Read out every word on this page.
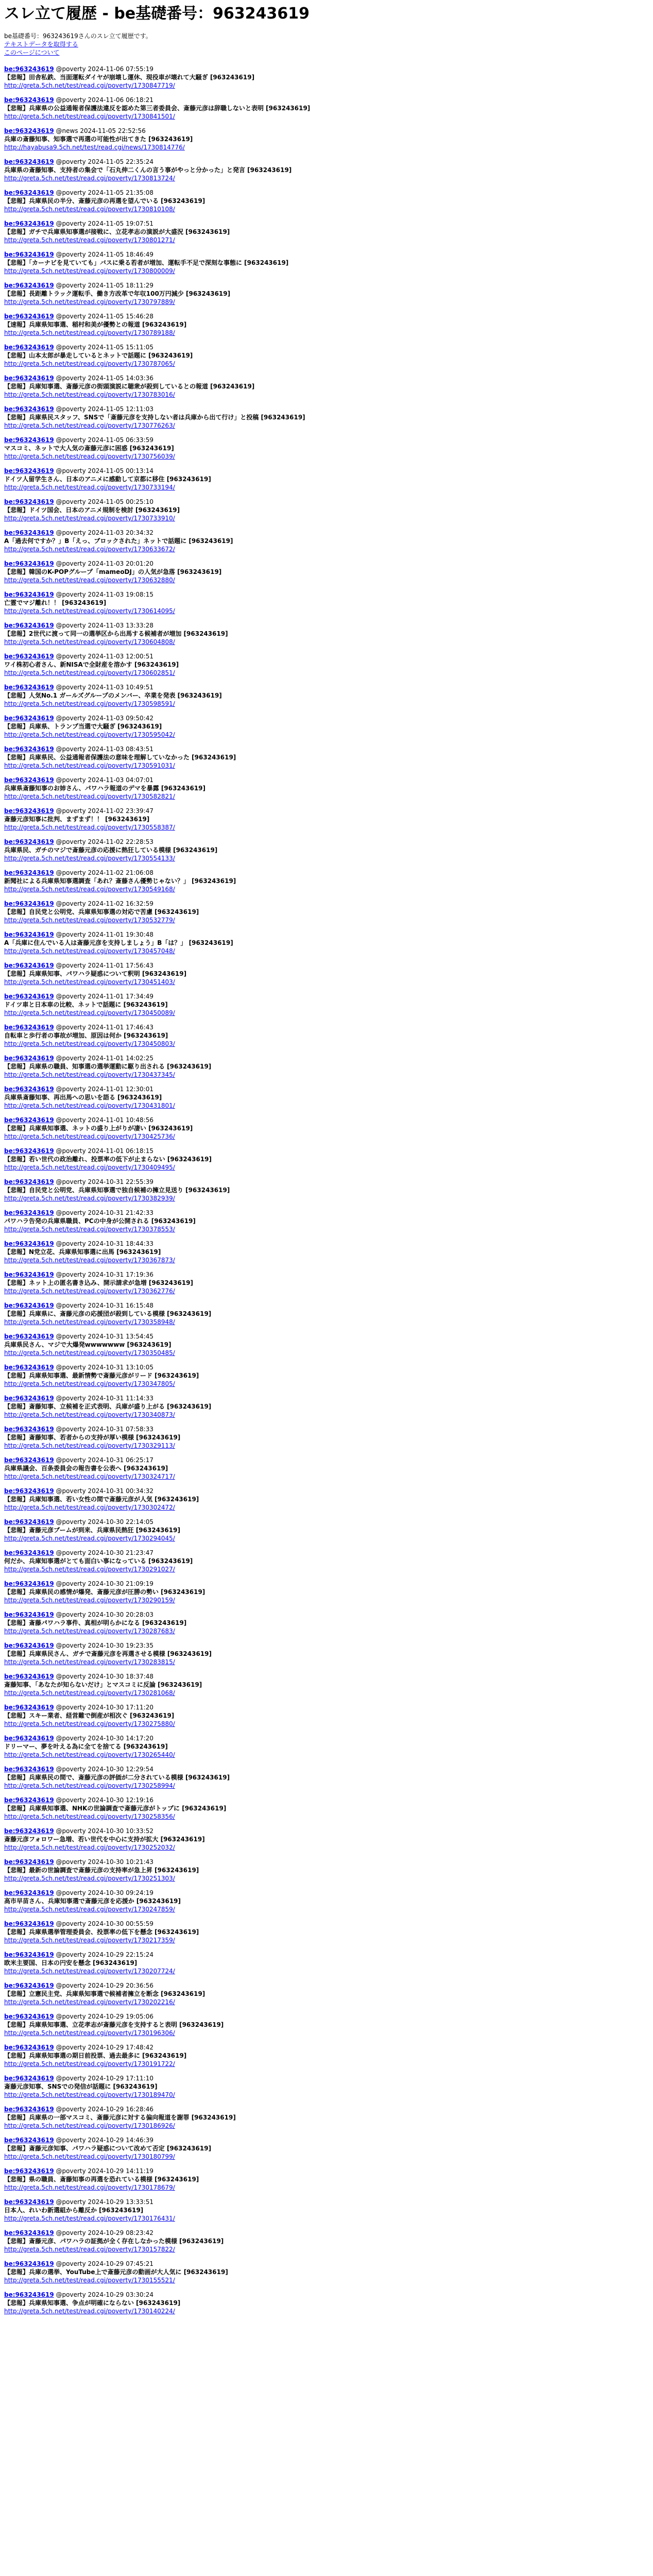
スレ立て履歴 - be基礎番号：963243619
be基礎番号：963243619さんのスレ立て履歴です。
テキストデータを取得する
このページについて
be:963243619 @poverty 2024-11-06 07:55:19
【悲報】田舎私鉄、当面運転ダイヤが崩壊し運休、現役車が壊れて大騒ぎ [963243619]
http://greta.5ch.net/test/read.cgi/poverty/1730847719/
be:963243619 @poverty 2024-11-06 06:18:21
【悲報】兵庫県の公益通報者保護法違反を認めた第三者委員会、斎藤元彦は辞職しないと表明 [963243619]
http://greta.5ch.net/test/read.cgi/poverty/1730841501/
be:963243619 @news 2024-11-05 22:52:56
兵庫の斎藤知事、知事選で再選の可能性が出てきた [963243619]
http://hayabusa9.5ch.net/test/read.cgi/news/1730814776/
be:963243619 @poverty 2024-11-05 22:35:24
兵庫県の斎藤知事、支持者の集会で「石丸伸二くんの言う事がやっと分かった」と発言 [963243619]
http://greta.5ch.net/test/read.cgi/poverty/1730813724/
be:963243619 @poverty 2024-11-05 21:35:08
【悲報】兵庫県民の半分、斎藤元彦の再選を望んでいる [963243619]
http://greta.5ch.net/test/read.cgi/poverty/1730810108/
be:963243619 @poverty 2024-11-05 19:07:51
【悲報】ガチで兵庫県知事選が接戦に、立花孝志の演説が大盛況 [963243619]
http://greta.5ch.net/test/read.cgi/poverty/1730801271/
be:963243619 @poverty 2024-11-05 18:46:49
【悲報】「カーナビを見ていても」バスに乗る若者が増加、運転手不足で深刻な事態に [963243619]
http://greta.5ch.net/test/read.cgi/poverty/1730800009/
be:963243619 @poverty 2024-11-05 18:11:29
【悲報】長距離トラック運転手、働き方改革で年収100万円減少 [963243619]
http://greta.5ch.net/test/read.cgi/poverty/1730797889/
be:963243619 @poverty 2024-11-05 15:46:28
【速報】兵庫県知事選、稲村和美が優勢との報道 [963243619]
http://greta.5ch.net/test/read.cgi/poverty/1730789188/
be:963243619 @poverty 2024-11-05 15:11:05
【悲報】山本太郎が暴走しているとネットで話題に [963243619]
http://greta.5ch.net/test/read.cgi/poverty/1730787065/
be:963243619 @poverty 2024-11-05 14:03:36
【悲報】兵庫知事選、斎藤元彦の街頭演説に聴衆が殺到しているとの報道 [963243619]
http://greta.5ch.net/test/read.cgi/poverty/1730783016/
be:963243619 @poverty 2024-11-05 12:11:03
【悲報】兵庫県民スタッフ、SNSで「斎藤元彦を支持しない者は兵庫から出て行け」と投稿 [963243619]
http://greta.5ch.net/test/read.cgi/poverty/1730776263/
be:963243619 @poverty 2024-11-05 06:33:59
マスコミ、ネットで大人気の斎藤元彦に困惑 [963243619]
http://greta.5ch.net/test/read.cgi/poverty/1730756039/
be:963243619 @poverty 2024-11-05 00:13:14
ドイツ人留学生さん、日本のアニメに感動して京都に移住 [963243619]
http://greta.5ch.net/test/read.cgi/poverty/1730733194/
be:963243619 @poverty 2024-11-05 00:25:10
【悲報】ドイツ国会、日本のアニメ規制を検討 [963243619]
http://greta.5ch.net/test/read.cgi/poverty/1730733910/
be:963243619 @poverty 2024-11-03 20:34:32
A「過去何ですか？」B「えっ、ブロックされた」ネットで話題に [963243619]
http://greta.5ch.net/test/read.cgi/poverty/1730633672/
be:963243619 @poverty 2024-11-03 20:01:20
【悲報】韓国のK-POPグループ「mameoDJ」の人気が急落 [963243619]
http://greta.5ch.net/test/read.cgi/poverty/1730632880/
be:963243619 @poverty 2024-11-03 19:08:15
亡霊でマジ離れ！！ [963243619]
http://greta.5ch.net/test/read.cgi/poverty/1730614095/
be:963243619 @poverty 2024-11-03 13:33:28
【悲報】2世代に渡って同一の選挙区から出馬する候補者が増加 [963243619]
http://greta.5ch.net/test/read.cgi/poverty/1730604808/
be:963243619 @poverty 2024-11-03 12:00:51
ワイ株初心者さん、新NISAで全財産を溶かす [963243619]
http://greta.5ch.net/test/read.cgi/poverty/1730602851/
be:963243619 @poverty 2024-11-03 10:49:51
【悲報】人気No.1 ガールズグループのメンバー、卒業を発表 [963243619]
http://greta.5ch.net/test/read.cgi/poverty/1730598591/
be:963243619 @poverty 2024-11-03 09:50:42
【悲報】兵庫県、トランプ当選で大騒ぎ [963243619]
http://greta.5ch.net/test/read.cgi/poverty/1730595042/
be:963243619 @poverty 2024-11-03 08:43:51
【悲報】兵庫県民、公益通報者保護法の意味を理解していなかった [963243619]
http://greta.5ch.net/test/read.cgi/poverty/1730591031/
be:963243619 @poverty 2024-11-03 04:07:01
兵庫県斎藤知事のお姉さん、パワハラ報道のデマを暴露 [963243619]
http://greta.5ch.net/test/read.cgi/poverty/1730582821/
be:963243619 @poverty 2024-11-02 23:39:47
斎藤元彦知事に批判、まずまず！！ [963243619]
http://greta.5ch.net/test/read.cgi/poverty/1730558387/
be:963243619 @poverty 2024-11-02 22:28:53
兵庫県民、ガチのマジで斎藤元彦の応援に熱狂している模様 [963243619]
http://greta.5ch.net/test/read.cgi/poverty/1730554133/
be:963243619 @poverty 2024-11-02 21:06:08
新聞社による兵庫県知事選調査「あれ？斎藤さん優勢じゃない？」 [963243619]
http://greta.5ch.net/test/read.cgi/poverty/1730549168/
be:963243619 @poverty 2024-11-02 16:32:59
【悲報】自民党と公明党、兵庫県知事選の対応で苦慮 [963243619]
http://greta.5ch.net/test/read.cgi/poverty/1730532779/
be:963243619 @poverty 2024-11-01 19:30:48
A「兵庫に住んでいる人は斎藤元彦を支持しましょう」B「は？」 [963243619]
http://greta.5ch.net/test/read.cgi/poverty/1730457048/
be:963243619 @poverty 2024-11-01 17:56:43
【悲報】兵庫県知事、パワハラ疑惑について釈明 [963243619]
http://greta.5ch.net/test/read.cgi/poverty/1730451403/
be:963243619 @poverty 2024-11-01 17:34:49
ドイツ車と日本車の比較、ネットで話題に [963243619]
http://greta.5ch.net/test/read.cgi/poverty/1730450089/
be:963243619 @poverty 2024-11-01 17:46:43
自転車と歩行者の事故が増加、原因は何か [963243619]
http://greta.5ch.net/test/read.cgi/poverty/1730450803/
be:963243619 @poverty 2024-11-01 14:02:25
【悲報】兵庫県の職員、知事選の選挙運動に駆り出される [963243619]
http://greta.5ch.net/test/read.cgi/poverty/1730437345/
be:963243619 @poverty 2024-11-01 12:30:01
兵庫県斎藤知事、再出馬への思いを語る [963243619]
http://greta.5ch.net/test/read.cgi/poverty/1730431801/
be:963243619 @poverty 2024-11-01 10:48:56
【悲報】兵庫県知事選、ネットの盛り上がりが凄い [963243619]
http://greta.5ch.net/test/read.cgi/poverty/1730425736/
be:963243619 @poverty 2024-11-01 06:18:15
【悲報】若い世代の政治離れ、投票率の低下が止まらない [963243619]
http://greta.5ch.net/test/read.cgi/poverty/1730409495/
be:963243619 @poverty 2024-10-31 22:55:39
【悲報】自民党と公明党、兵庫県知事選で独自候補の擁立見送り [963243619]
http://greta.5ch.net/test/read.cgi/poverty/1730382939/
be:963243619 @poverty 2024-10-31 21:42:33
パワハラ告発の兵庫県職員、PCの中身が公開される [963243619]
http://greta.5ch.net/test/read.cgi/poverty/1730378553/
be:963243619 @poverty 2024-10-31 18:44:33
【悲報】N党立花、兵庫県知事選に出馬 [963243619]
http://greta.5ch.net/test/read.cgi/poverty/1730367873/
be:963243619 @poverty 2024-10-31 17:19:36
【悲報】ネット上の匿名書き込み、開示請求が急増 [963243619]
http://greta.5ch.net/test/read.cgi/poverty/1730362776/
be:963243619 @poverty 2024-10-31 16:15:48
【悲報】兵庫県に、斎藤元彦の応援団が殺到している模様 [963243619]
http://greta.5ch.net/test/read.cgi/poverty/1730358948/
be:963243619 @poverty 2024-10-31 13:54:45
兵庫県民さん、マジで大爆発wwwwwww [963243619]
http://greta.5ch.net/test/read.cgi/poverty/1730350485/
be:963243619 @poverty 2024-10-31 13:10:05
【悲報】兵庫県知事選、最新情勢で斎藤元彦がリード [963243619]
http://greta.5ch.net/test/read.cgi/poverty/1730347805/
be:963243619 @poverty 2024-10-31 11:14:33
【悲報】斎藤知事、立候補を正式表明、兵庫が盛り上がる [963243619]
http://greta.5ch.net/test/read.cgi/poverty/1730340873/
be:963243619 @poverty 2024-10-31 07:58:33
【悲報】斎藤知事、若者からの支持が厚い模様 [963243619]
http://greta.5ch.net/test/read.cgi/poverty/1730329113/
be:963243619 @poverty 2024-10-31 06:25:17
兵庫県議会、百条委員会の報告書を公表へ [963243619]
http://greta.5ch.net/test/read.cgi/poverty/1730324717/
be:963243619 @poverty 2024-10-31 00:34:32
【悲報】兵庫知事選、若い女性の間で斎藤元彦が人気 [963243619]
http://greta.5ch.net/test/read.cgi/poverty/1730302472/
be:963243619 @poverty 2024-10-30 22:14:05
【悲報】斎藤元彦ブームが到来、兵庫県民熱狂 [963243619]
http://greta.5ch.net/test/read.cgi/poverty/1730294045/
be:963243619 @poverty 2024-10-30 21:23:47
何だか、兵庫知事選がとても面白い事になっている [963243619]
http://greta.5ch.net/test/read.cgi/poverty/1730291027/
be:963243619 @poverty 2024-10-30 21:09:19
【悲報】兵庫県民の感情が爆発、斎藤元彦が圧勝の勢い [963243619]
http://greta.5ch.net/test/read.cgi/poverty/1730290159/
be:963243619 @poverty 2024-10-30 20:28:03
【悲報】斎藤パワハラ事件、真相が明らかになる [963243619]
http://greta.5ch.net/test/read.cgi/poverty/1730287683/
be:963243619 @poverty 2024-10-30 19:23:35
【悲報】兵庫県民さん、ガチで斎藤元彦を再選させる模様 [963243619]
http://greta.5ch.net/test/read.cgi/poverty/1730283815/
be:963243619 @poverty 2024-10-30 18:37:48
斎藤知事、「あなたが知らないだけ」とマスコミに反論 [963243619]
http://greta.5ch.net/test/read.cgi/poverty/1730281068/
be:963243619 @poverty 2024-10-30 17:11:20
【悲報】スキー業者、経営難で倒産が相次ぐ [963243619]
http://greta.5ch.net/test/read.cgi/poverty/1730275880/
be:963243619 @poverty 2024-10-30 14:17:20
ドリーマー、夢を叶える為に全てを捨てる [963243619]
http://greta.5ch.net/test/read.cgi/poverty/1730265440/
be:963243619 @poverty 2024-10-30 12:29:54
【悲報】兵庫県民の間で、斎藤元彦の評価が二分されている模様 [963243619]
http://greta.5ch.net/test/read.cgi/poverty/1730258994/
be:963243619 @poverty 2024-10-30 12:19:16
【悲報】兵庫県知事選、NHKの世論調査で斎藤元彦がトップに [963243619]
http://greta.5ch.net/test/read.cgi/poverty/1730258356/
be:963243619 @poverty 2024-10-30 10:33:52
斎藤元彦フォロワー急増、若い世代を中心に支持が拡大 [963243619]
http://greta.5ch.net/test/read.cgi/poverty/1730252032/
be:963243619 @poverty 2024-10-30 10:21:43
【悲報】最新の世論調査で斎藤元彦の支持率が急上昇 [963243619]
http://greta.5ch.net/test/read.cgi/poverty/1730251303/
be:963243619 @poverty 2024-10-30 09:24:19
高市早苗さん、兵庫知事選で斎藤元彦を応援か [963243619]
http://greta.5ch.net/test/read.cgi/poverty/1730247859/
be:963243619 @poverty 2024-10-30 00:55:59
【悲報】兵庫県選挙管理委員会、投票率の低下を懸念 [963243619]
http://greta.5ch.net/test/read.cgi/poverty/1730217359/
be:963243619 @poverty 2024-10-29 22:15:24
欧米主要国、日本の円安を懸念 [963243619]
http://greta.5ch.net/test/read.cgi/poverty/1730207724/
be:963243619 @poverty 2024-10-29 20:36:56
【悲報】立憲民主党、兵庫県知事選で候補者擁立を断念 [963243619]
http://greta.5ch.net/test/read.cgi/poverty/1730202216/
be:963243619 @poverty 2024-10-29 19:05:06
【悲報】兵庫県知事選、立花孝志が斎藤元彦を支持すると表明 [963243619]
http://greta.5ch.net/test/read.cgi/poverty/1730196306/
be:963243619 @poverty 2024-10-29 17:48:42
【悲報】兵庫県知事選の期日前投票、過去最多に [963243619]
http://greta.5ch.net/test/read.cgi/poverty/1730191722/
be:963243619 @poverty 2024-10-29 17:11:10
斎藤元彦知事、SNSでの発信が話題に [963243619]
http://greta.5ch.net/test/read.cgi/poverty/1730189470/
be:963243619 @poverty 2024-10-29 16:28:46
【悲報】兵庫県の一部マスコミ、斎藤元彦に対する偏向報道を謝罪 [963243619]
http://greta.5ch.net/test/read.cgi/poverty/1730186926/
be:963243619 @poverty 2024-10-29 14:46:39
【悲報】斎藤元彦知事、パワハラ疑惑について改めて否定 [963243619]
http://greta.5ch.net/test/read.cgi/poverty/1730180799/
be:963243619 @poverty 2024-10-29 14:11:19
【悲報】県の職員、斎藤知事の再選を恐れている模様 [963243619]
http://greta.5ch.net/test/read.cgi/poverty/1730178679/
be:963243619 @poverty 2024-10-29 13:33:51
日本人、れいわ新選組から離反か [963243619]
http://greta.5ch.net/test/read.cgi/poverty/1730176431/
be:963243619 @poverty 2024-10-29 08:23:42
【悲報】斎藤元彦、パワハラの証拠が全く存在しなかった模様 [963243619]
http://greta.5ch.net/test/read.cgi/poverty/1730157822/
be:963243619 @poverty 2024-10-29 07:45:21
【悲報】兵庫の選挙、YouTube上で斎藤元彦の動画が大人気に [963243619]
http://greta.5ch.net/test/read.cgi/poverty/1730155521/
be:963243619 @poverty 2024-10-29 03:30:24
【悲報】兵庫県知事選、争点が明確にならない [963243619]
http://greta.5ch.net/test/read.cgi/poverty/1730140224/
